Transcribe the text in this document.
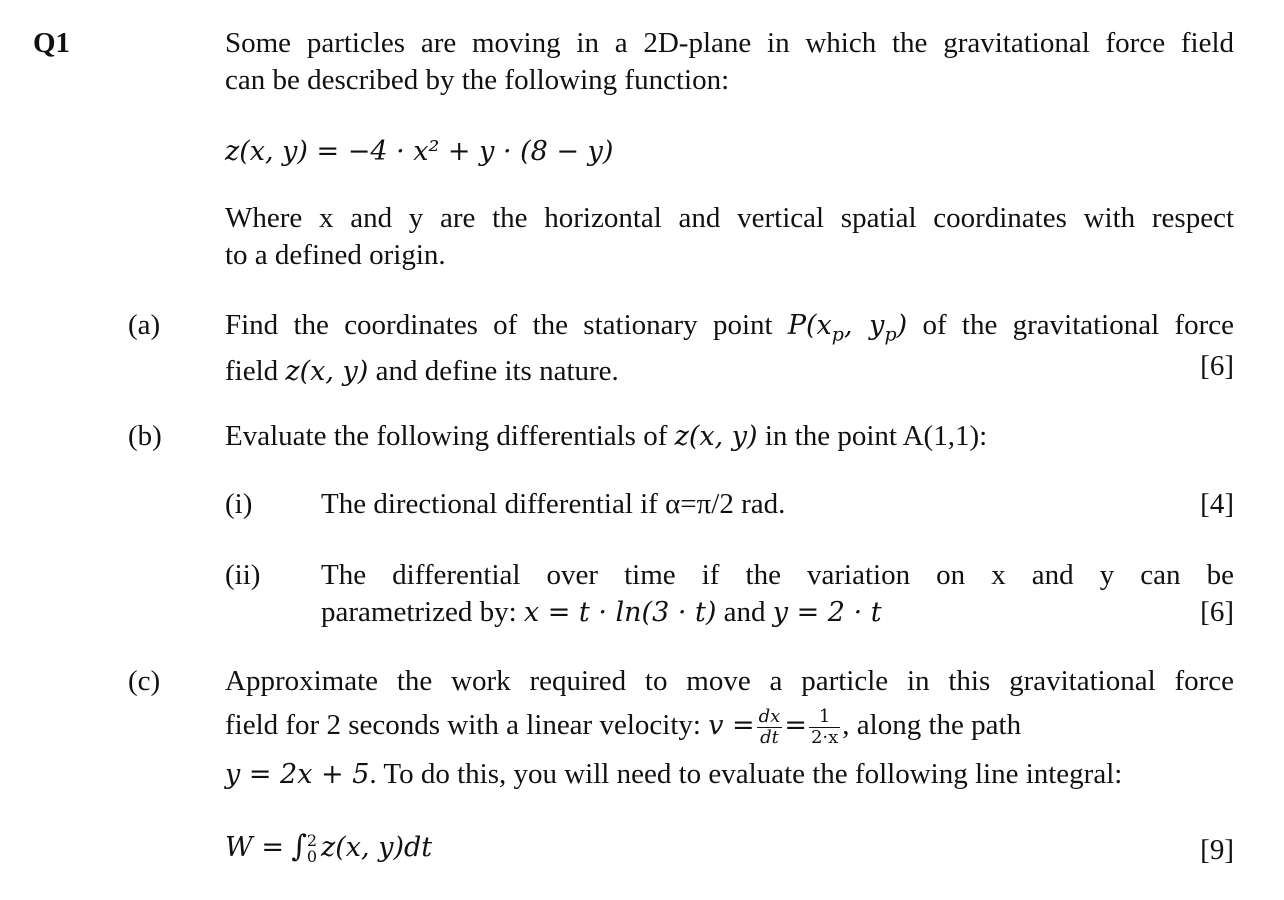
Q1	Some particles are moving in a 2D-plane in which the gravitational force field
can be described by the following function:
z(x, y) = −4 · x² + y · (8 − y)
Where x and y are the horizontal and vertical spatial coordinates with respect
to a defined origin.
(a) Find the coordinates of the stationary point $P(x_p$, $y_p$) of the gravitational force
field z(x, y) and define its nature.	[6]
(b) Evaluate the following differentials of z(x, y) in the point A(1,1):
(i) The directional differential if α=π/2 rad.	[4]
(ii) The differential over time if the variation on x and y can be
parametrized by: x = t · ln(3 · t) and y = 2 · t	[6]
(c) Approximate the work required to move a particle in this gravitational force
field for 2 seconds with a linear velocity: $v = \frac{dx}{dt} = \frac{1}{2\cdot x}$ , along the path
y = 2x + 5. To do this, you will need to evaluate the following line integral:
W = ∫ 2
0 z(x, y)dt	[9]
